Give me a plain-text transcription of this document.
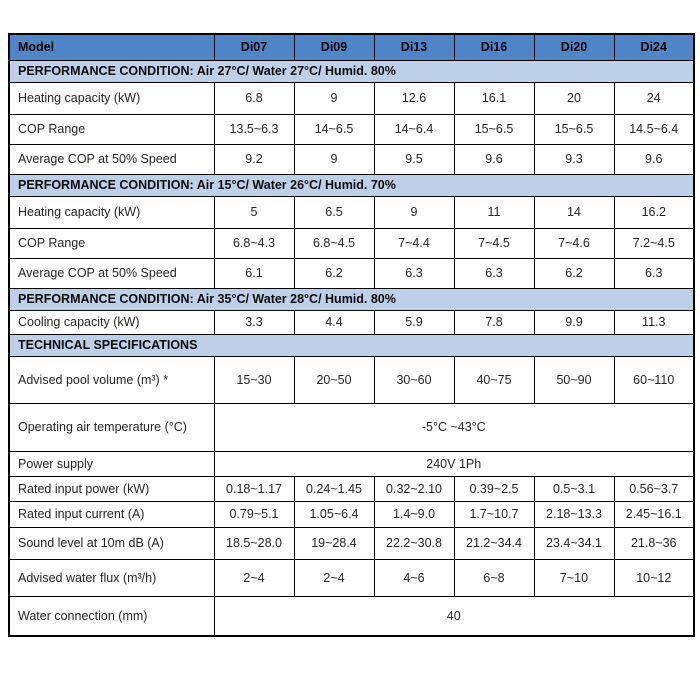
Model	Di07	Di09	Di13	Di16	Di20	Di24
PERFORMANCE CONDITION: Air 27°C/ Water 27°C/ Humid. 80%						
Heating capacity (kW)	6.8	9	12.6	16.1	20	24
COP Range	13.5~6.3	14~6.5	14~6.4	15~6.5	15~6.5	14.5~6.4
Average COP at 50% Speed	9.2	9	9.5	9.6	9.3	9.6
PERFORMANCE CONDITION: Air 15°C/ Water 26°C/ Humid. 70%						
Heating capacity (kW)	5	6.5	9	11	14	16.2
COP Range	6.8~4.3	6.8~4.5	7~4.4	7~4.5	7~4.6	7.2~4.5
Average COP at 50% Speed	6.1	6.2	6.3	6.3	6.2	6.3
PERFORMANCE CONDITION: Air 35°C/ Water 28°C/ Humid. 80%						
Cooling capacity (kW)	3.3	4.4	5.9	7.8	9.9	11.3
TECHNICAL SPECIFICATIONS						
Advised pool volume (m³) *	15~30	20~50	30~60	40~75	50~90	60~110
Operating air temperature (°C)	-5°C ~43°C					
Power supply	240V 1Ph					
Rated input power (kW)	0.18~1.17	0.24~1.45	0.32~2.10	0.39~2.5	0.5~3.1	0.56~3.7
Rated input current (A)	0.79~5.1	1.05~6.4	1.4~9.0	1.7~10.7	2.18~13.3	2.45~16.1
Sound level at 10m dB (A)	18.5~28.0	19~28.4	22.2~30.8	21.2~34.4	23.4~34.1	21.8~36
Advised water flux (m³/h)	2~4	2~4	4~6	6~8	7~10	10~12
Water connection (mm)	40					
